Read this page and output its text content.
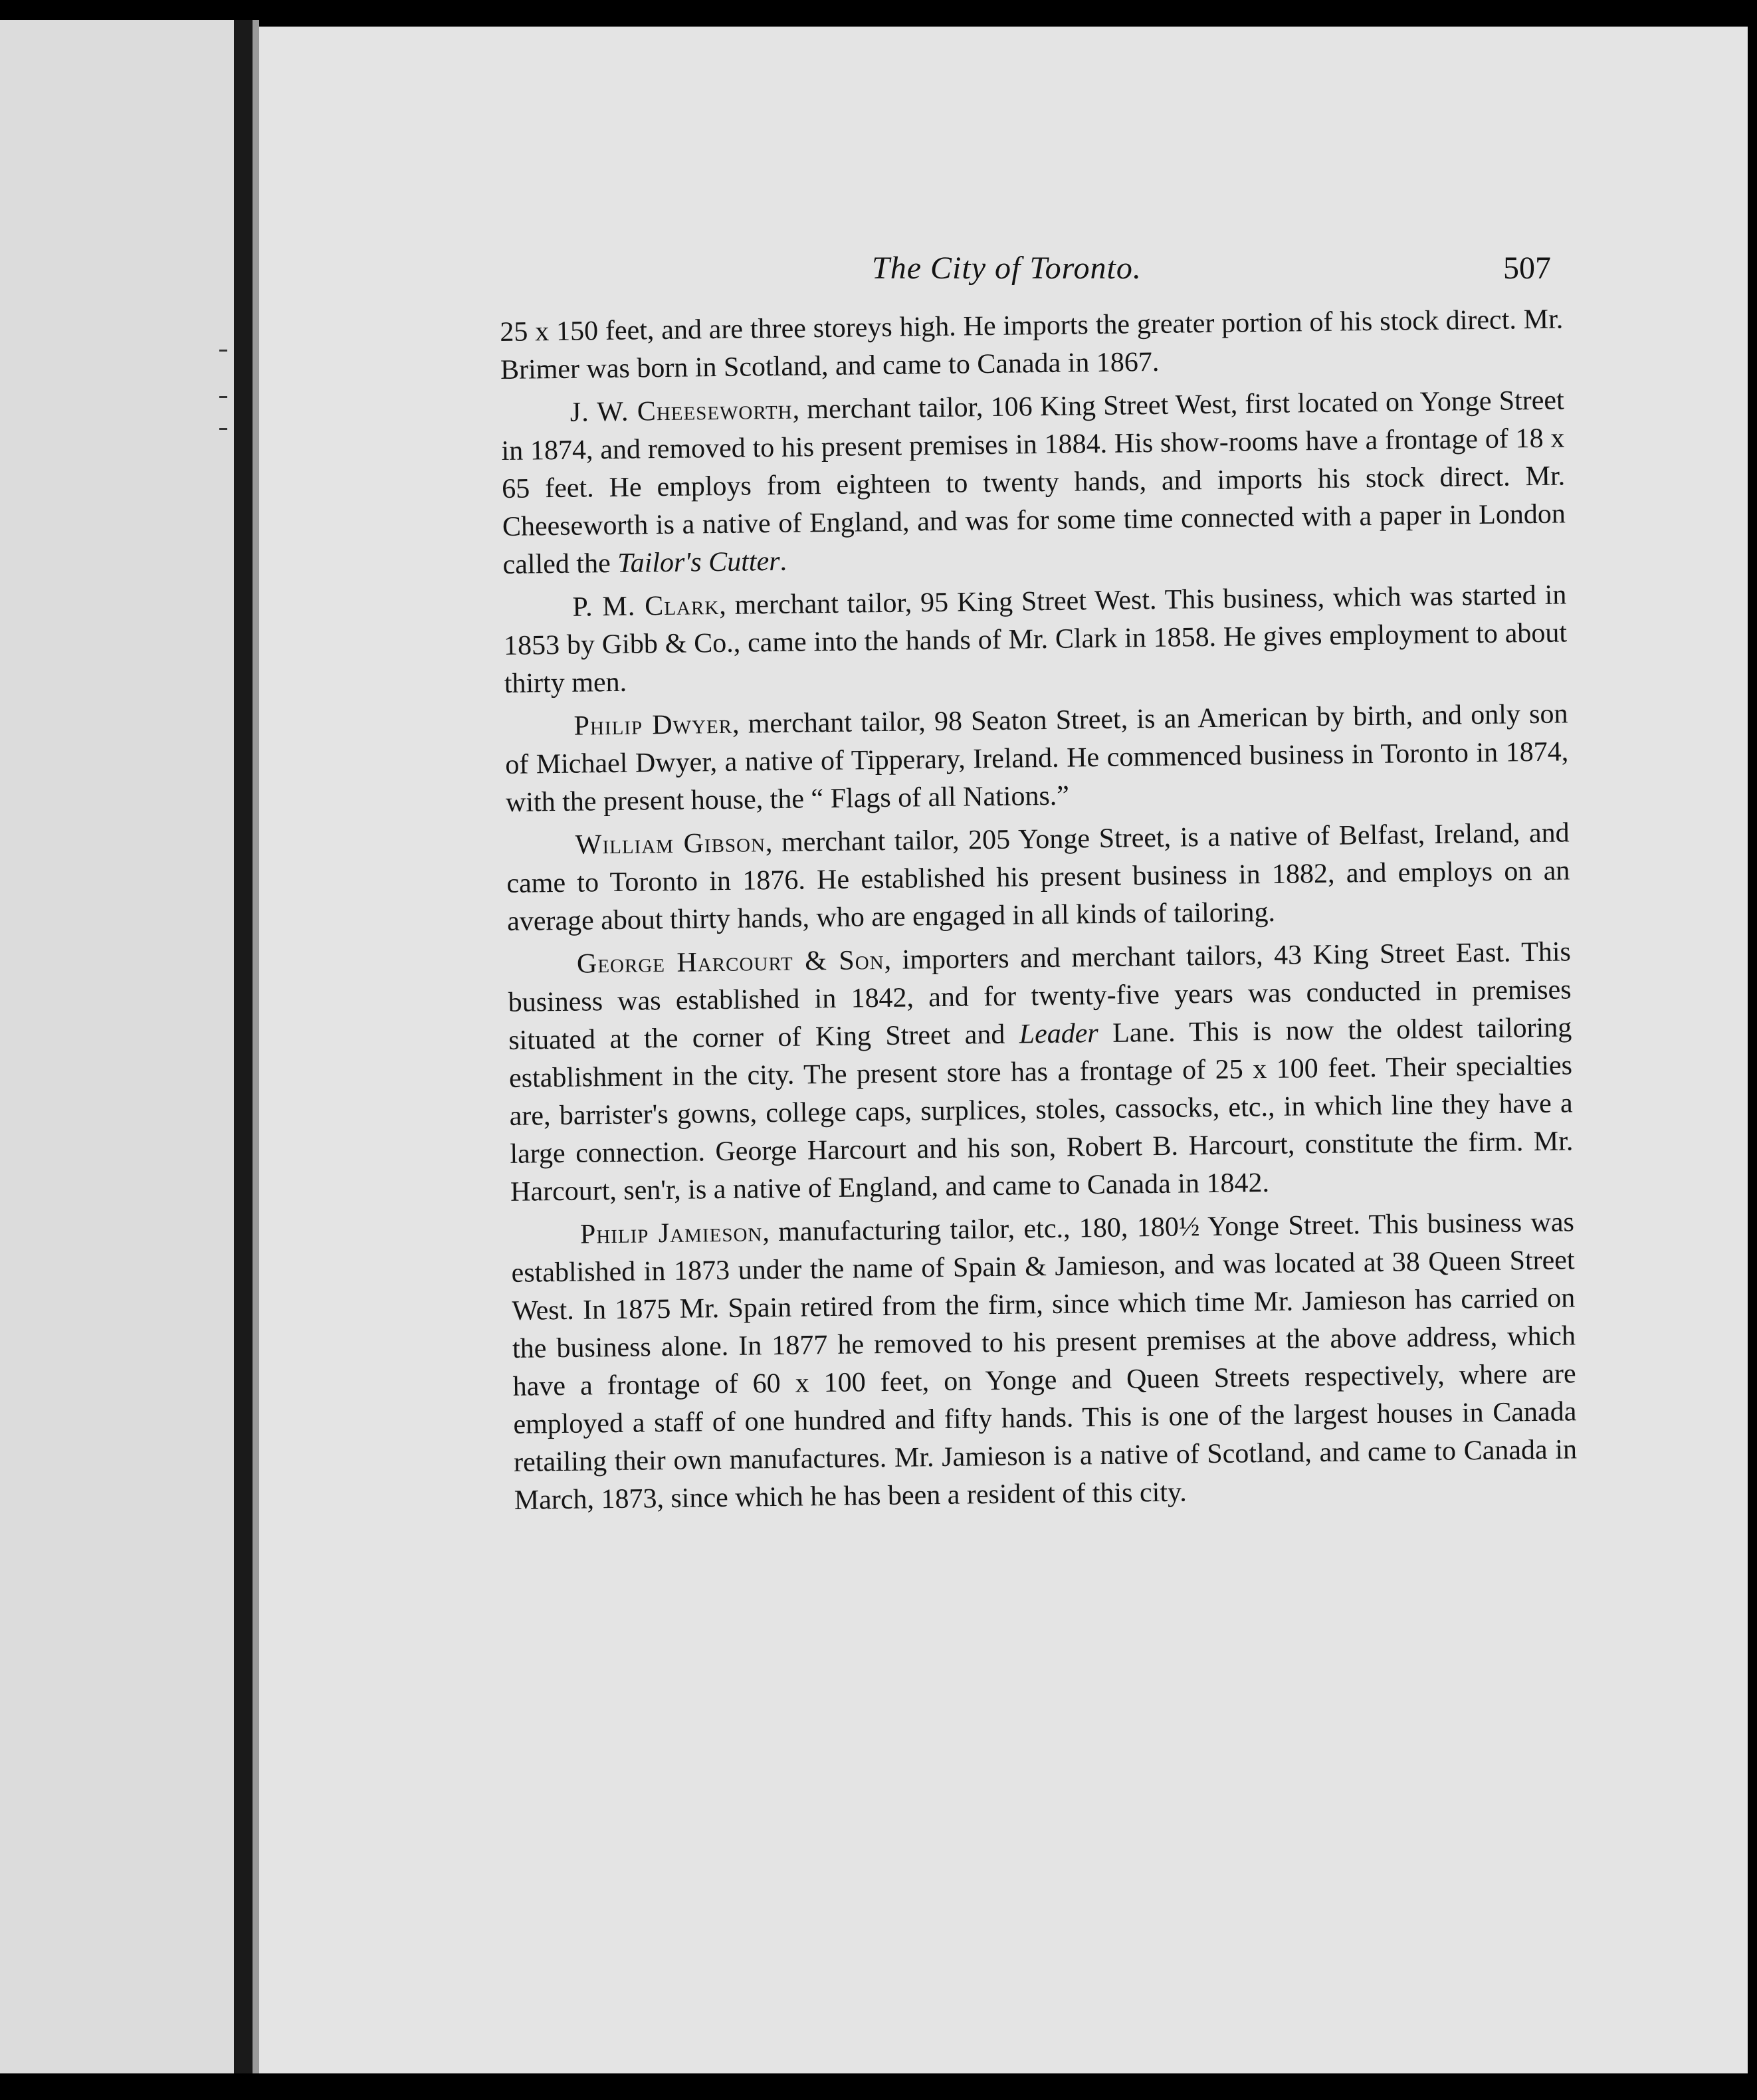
The City of Toronto.	507

25 x 150 feet, and are three storeys high. He imports the greater portion of his stock direct. Mr. Brimer was born in Scotland, and came to Canada in 1867.

J. W. Cheeseworth, merchant tailor, 106 King Street West, first located on Yonge Street in 1874, and removed to his present premises in 1884. His show-rooms have a frontage of 18 x 65 feet. He employs from eighteen to twenty hands, and imports his stock direct. Mr. Cheeseworth is a native of England, and was for some time connected with a paper in London called the Tailor's Cutter.

P. M. Clark, merchant tailor, 95 King Street West. This business, which was started in 1853 by Gibb & Co., came into the hands of Mr. Clark in 1858. He gives employment to about thirty men.

Philip Dwyer, merchant tailor, 98 Seaton Street, is an American by birth, and only son of Michael Dwyer, a native of Tipperary, Ireland. He commenced business in Toronto in 1874, with the present house, the “ Flags of all Nations.”

William Gibson, merchant tailor, 205 Yonge Street, is a native of Belfast, Ireland, and came to Toronto in 1876. He established his present business in 1882, and employs on an average about thirty hands, who are engaged in all kinds of tailoring.

George Harcourt & Son, importers and merchant tailors, 43 King Street East. This business was established in 1842, and for twenty-five years was conducted in premises situated at the corner of King Street and Leader Lane. This is now the oldest tailoring establishment in the city. The present store has a frontage of 25 x 100 feet. Their specialties are, barrister's gowns, college caps, surplices, stoles, cassocks, etc., in which line they have a large connection. George Harcourt and his son, Robert B. Harcourt, constitute the firm. Mr. Harcourt, sen'r, is a native of England, and came to Canada in 1842.

Philip Jamieson, manufacturing tailor, etc., 180, 180½ Yonge Street. This business was established in 1873 under the name of Spain & Jamieson, and was located at 38 Queen Street West. In 1875 Mr. Spain retired from the firm, since which time Mr. Jamieson has carried on the business alone. In 1877 he removed to his present premises at the above address, which have a frontage of 60 x 100 feet, on Yonge and Queen Streets respectively, where are employed a staff of one hundred and fifty hands. This is one of the largest houses in Canada retailing their own manufactures. Mr. Jamieson is a native of Scotland, and came to Canada in March, 1873, since which he has been a resident of this city.
